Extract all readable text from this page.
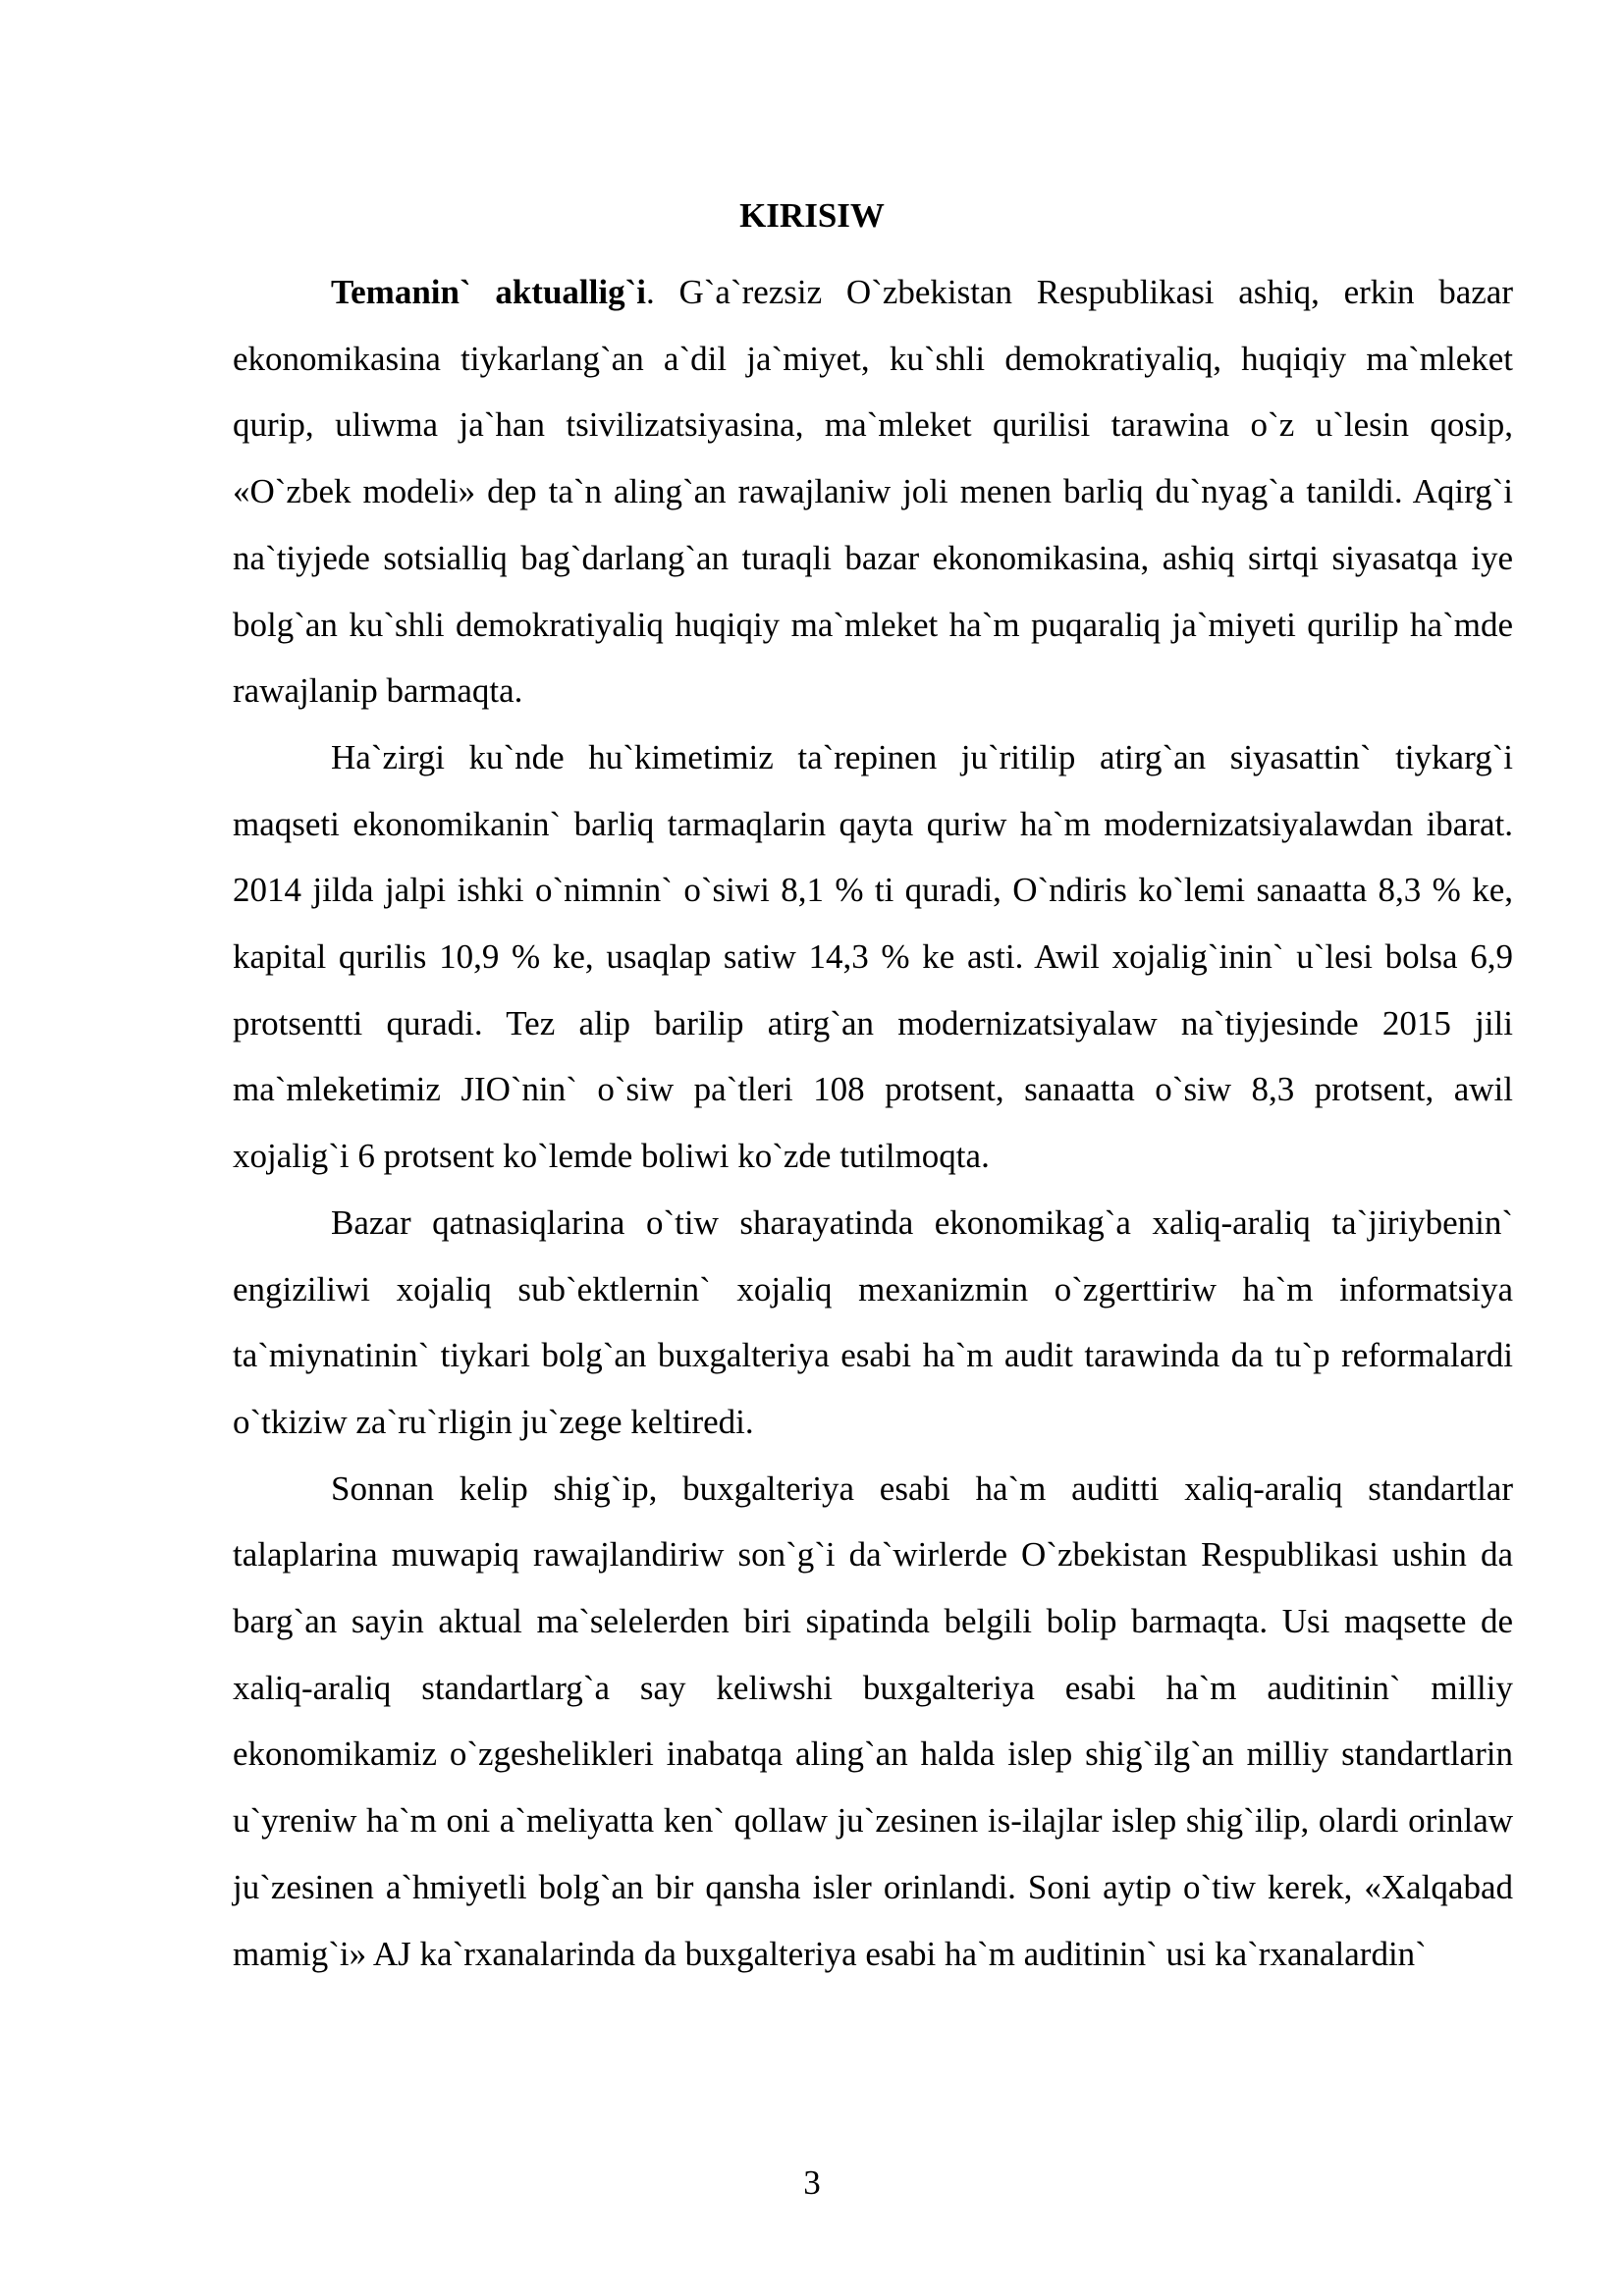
KIRISIW

Temanin` aktuallig`i. G`a`rezsiz O`zbekistan Respublikasi ashiq, erkin bazar ekonomikasina tiykarlang`an a`dil ja`miyet, ku`shli demokratiyaliq, huqiqiy ma`mleket qurip, uliwma ja`han tsivilizatsiyasina, ma`mleket qurilisi tarawina o`z u`lesin qosip, «O`zbek modeli» dep ta`n aling`an rawajlaniw joli menen barliq du`nyag`a tanildi. Aqirg`i na`tiyjede sotsialliq bag`darlang`an turaqli bazar ekonomikasina, ashiq sirtqi siyasatqa iye bolg`an ku`shli demokratiyaliq huqiqiy ma`mleket ha`m puqaraliq ja`miyeti qurilip ha`mde rawajlanip barmaqta.

Ha`zirgi ku`nde hu`kimetimiz ta`repinen ju`ritilip atirg`an siyasattin` tiykarg`i maqseti ekonomikanin` barliq tarmaqlarin qayta quriw ha`m modernizatsiyalawdan ibarat. 2014 jilda jalpi ishki o`nimnin` o`siwi 8,1 % ti quradi, O`ndiris ko`lemi sanaatta 8,3 % ke, kapital qurilis 10,9 % ke, usaqlap satiw 14,3 % ke asti. Awil xojalig`inin` u`lesi bolsa 6,9 protsentti quradi. Tez alip barilip atirg`an modernizatsiyalaw na`tiyjesinde 2015 jili ma`mleketimiz JIO`nin` o`siw pa`tleri 108 protsent, sanaatta o`siw 8,3 protsent, awil xojalig`i 6 protsent ko`lemde boliwi ko`zde tutilmoqta.

Bazar qatnasiqlarina o`tiw sharayatinda ekonomikag`a xaliq-araliq ta`jiriybenin` engiziliwi xojaliq sub`ektlernin` xojaliq mexanizmin o`zgerttiriw ha`m informatsiya ta`miynatinin` tiykari bolg`an buxgalteriya esabi ha`m audit tarawinda da tu`p reformalardi o`tkiziw za`ru`rligin ju`zege keltiredi.

Sonnan kelip shig`ip, buxgalteriya esabi ha`m auditti xaliq-araliq standartlar talaplarina muwapiq rawajlandiriw son`g`i da`wirlerde O`zbekistan Respublikasi ushin da barg`an sayin aktual ma`selelerden biri sipatinda belgili bolip barmaqta. Usi maqsette de xaliq-araliq standartlarg`a say keliwshi buxgalteriya esabi ha`m auditinin` milliy ekonomikamiz o`zgeshelikleri inabatqa aling`an halda islep shig`ilg`an milliy standartlarin u`yreniw ha`m oni a`meliyatta ken` qollaw ju`zesinen is-ilajlar islep shig`ilip, olardi orinlaw ju`zesinen a`hmiyetli bolg`an bir qansha isler orinlandi. Soni aytip o`tiw kerek, «Xalqabad mamig`i» AJ ka`rxanalarinda da buxgalteriya esabi ha`m auditinin` usi ka`rxanalardin`

3
